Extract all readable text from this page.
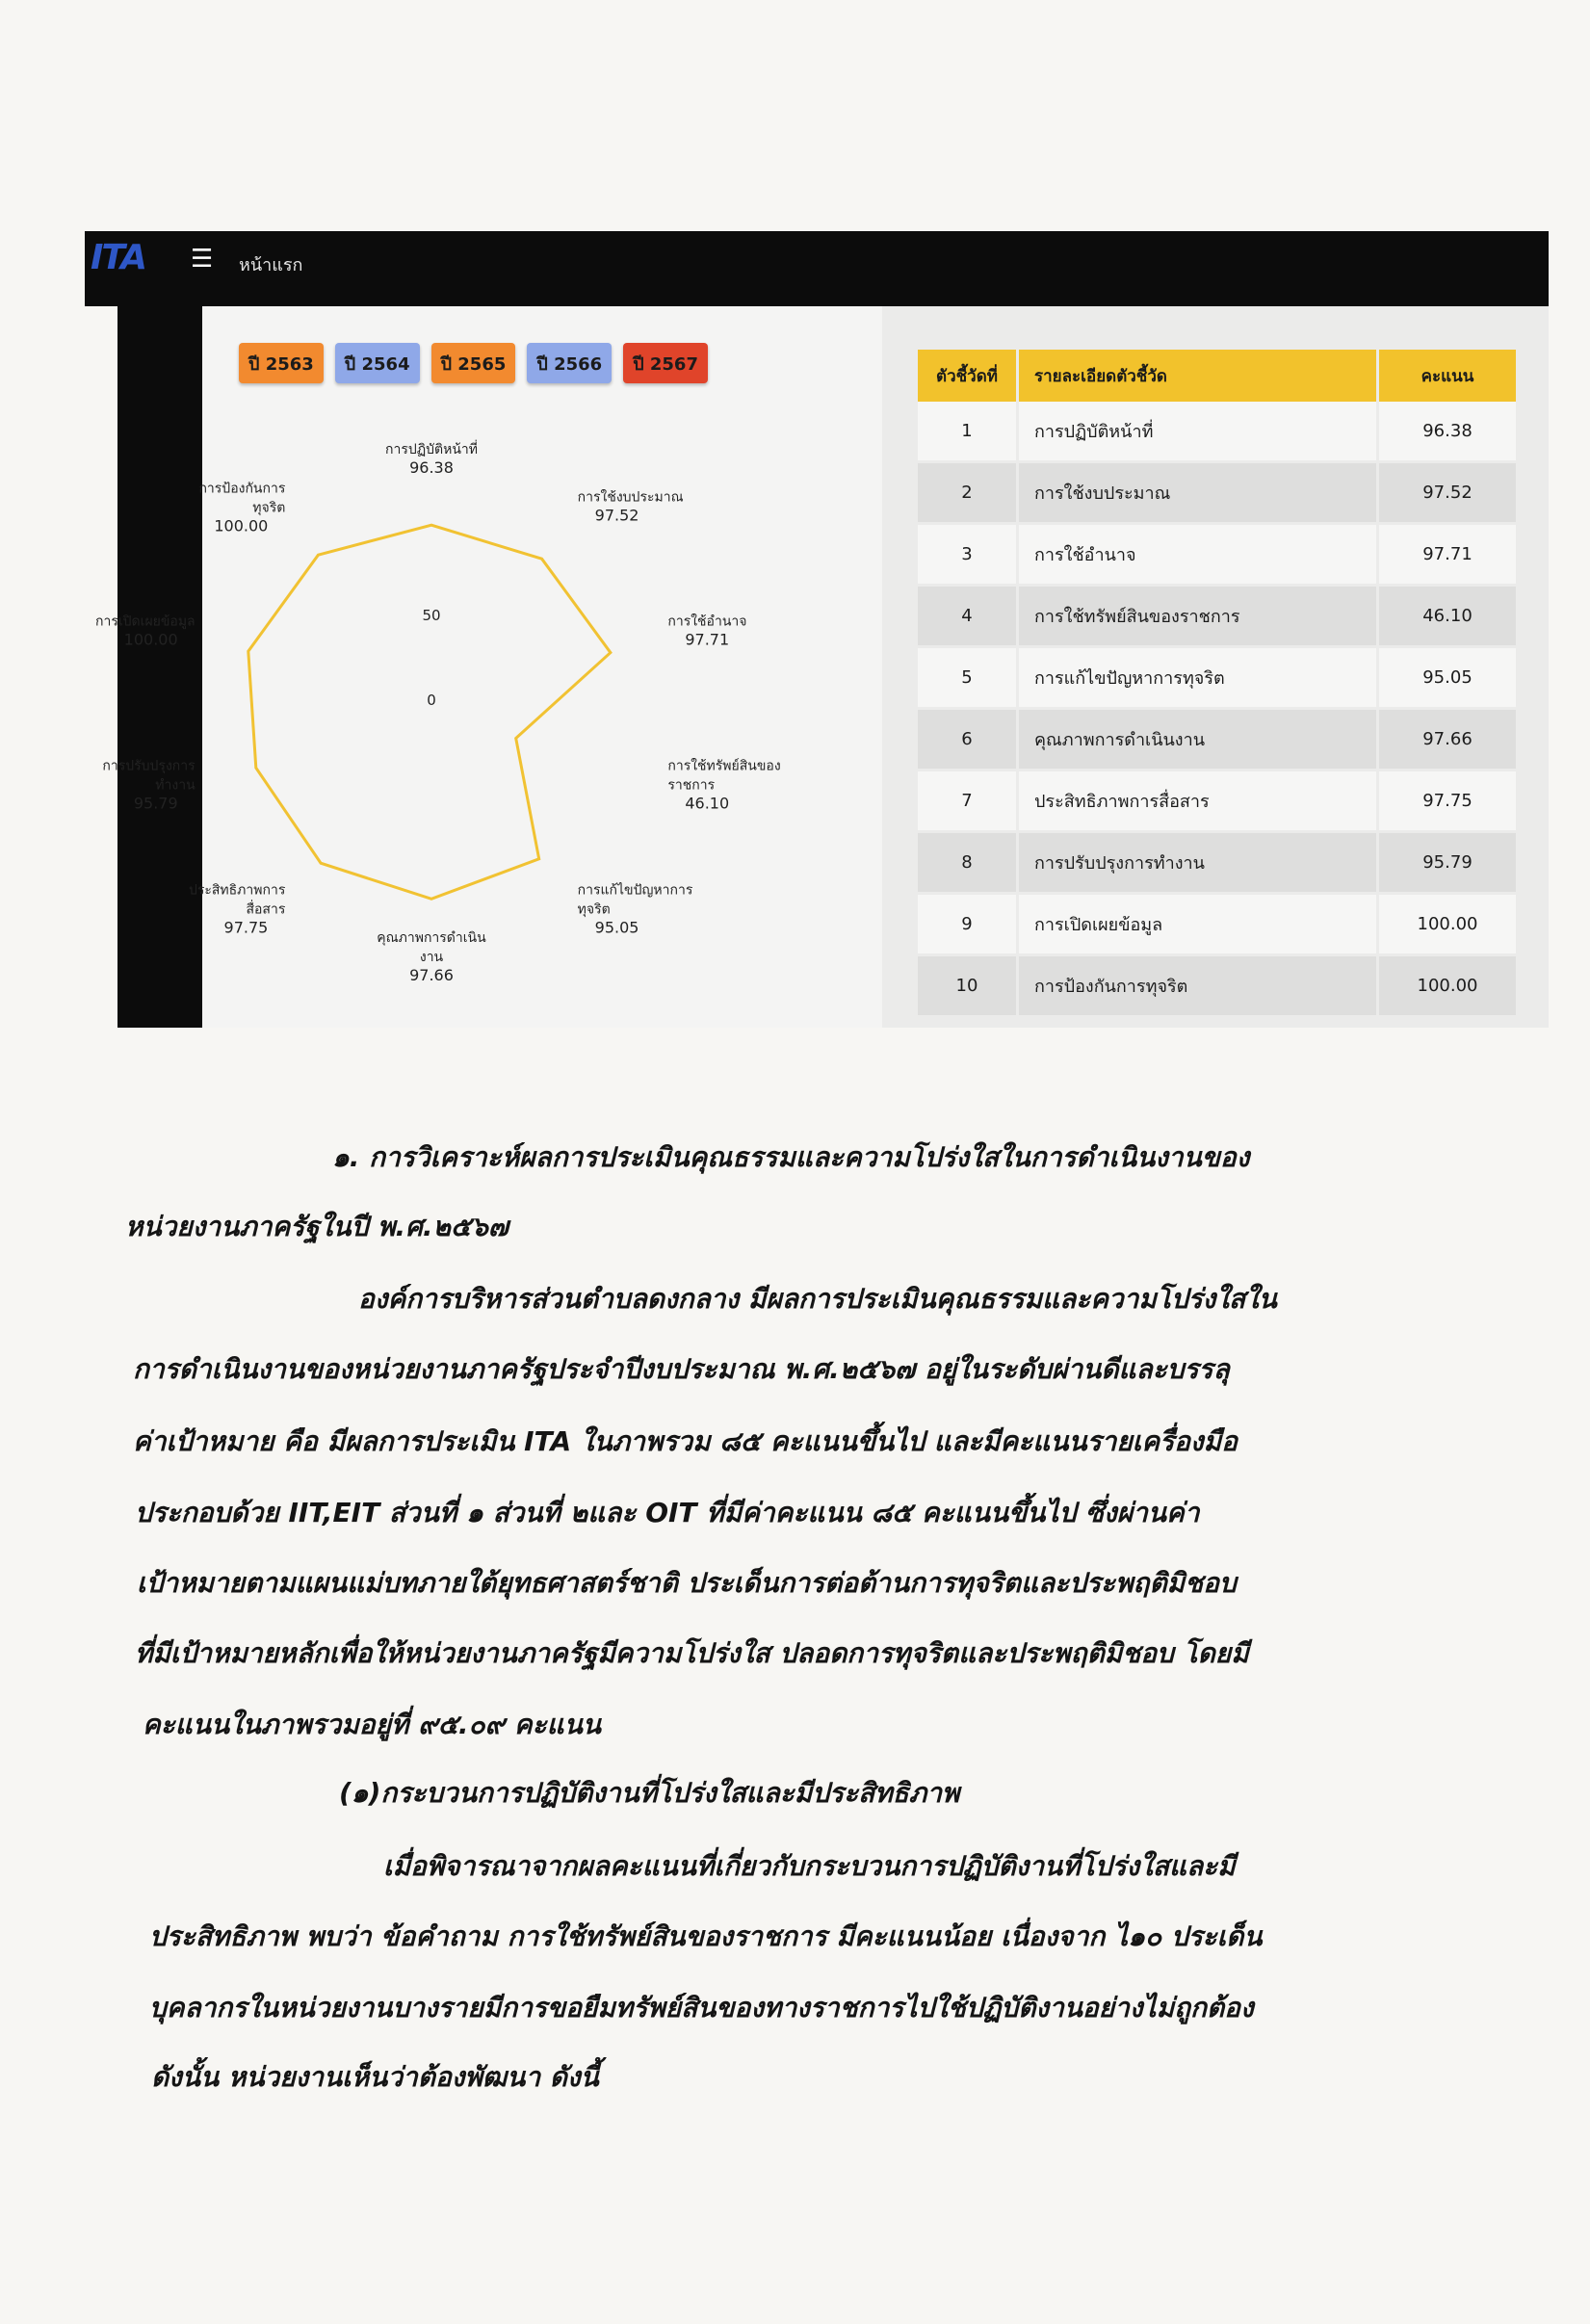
ITA	☰ หน้าแรก
ปี 2563	ปี 2564	ปี 2565	ปี 2566	ปี 2567
50
0
การปฏิบัติหน้าที่
96.38
การใช้งบประมาณ
97.52
การใช้อำนาจ
97.71
การใช้ทรัพย์สินของ
ราชการ
46.10
การแก้ไขปัญหาการ
ทุจริต
95.05
คุณภาพการดำเนิน
งาน
97.66
ประสิทธิภาพการ
สื่อสาร
97.75
การปรับปรุงการ
ทำงาน
95.79
การเปิดเผยข้อมูล
100.00
การป้องกันการ
ทุจริต
100.00
ตัวชี้วัดที่	รายละเอียดตัวชี้วัด	คะแนน
1	การปฏิบัติหน้าที่	96.38
2	การใช้งบประมาณ	97.52
3	การใช้อำนาจ	97.71
4	การใช้ทรัพย์สินของราชการ	46.10
5	การแก้ไขปัญหาการทุจริต	95.05
6	คุณภาพการดำเนินงาน	97.66
7	ประสิทธิภาพการสื่อสาร	97.75
8	การปรับปรุงการทำงาน	95.79
9	การเปิดเผยข้อมูล	100.00
10	การป้องกันการทุจริต	100.00
๑. การวิเคราะห์ผลการประเมินคุณธรรมและความโปร่งใสในการดำเนินงานของ
หน่วยงานภาครัฐในปี พ.ศ.๒๕๖๗
องค์การบริหารส่วนตำบลดงกลาง มีผลการประเมินคุณธรรมและความโปร่งใสใน
การดำเนินงานของหน่วยงานภาครัฐประจำปีงบประมาณ พ.ศ.๒๕๖๗ อยู่ในระดับผ่านดีและบรรลุ
ค่าเป้าหมาย คือ มีผลการประเมิน ITA ในภาพรวม ๘๕ คะแนนขึ้นไป และมีคะแนนรายเครื่องมือ
ประกอบด้วย IIT,EIT ส่วนที่ ๑ ส่วนที่ ๒และ OIT ที่มีค่าคะแนน ๘๕ คะแนนขึ้นไป ซึ่งผ่านค่า
เป้าหมายตามแผนแม่บทภายใต้ยุทธศาสตร์ชาติ ประเด็นการต่อต้านการทุจริตและประพฤติมิชอบ
ที่มีเป้าหมายหลักเพื่อให้หน่วยงานภาครัฐมีความโปร่งใส ปลอดการทุจริตและประพฤติมิชอบ โดยมี
คะแนนในภาพรวมอยู่ที่ ๙๕.๐๙ คะแนน
(๑)กระบวนการปฏิบัติงานที่โปร่งใสและมีประสิทธิภาพ
เมื่อพิจารณาจากผลคะแนนที่เกี่ยวกับกระบวนการปฏิบัติงานที่โปร่งใสและมี
ประสิทธิภาพ พบว่า ข้อคำถาม การใช้ทรัพย์สินของราชการ มีคะแนนน้อย เนื่องจาก ไ๑๐ ประเด็น
บุคลากรในหน่วยงานบางรายมีการขอยืมทรัพย์สินของทางราชการไปใช้ปฏิบัติงานอย่างไม่ถูกต้อง
ดังนั้น หน่วยงานเห็นว่าต้องพัฒนา ดังนี้
